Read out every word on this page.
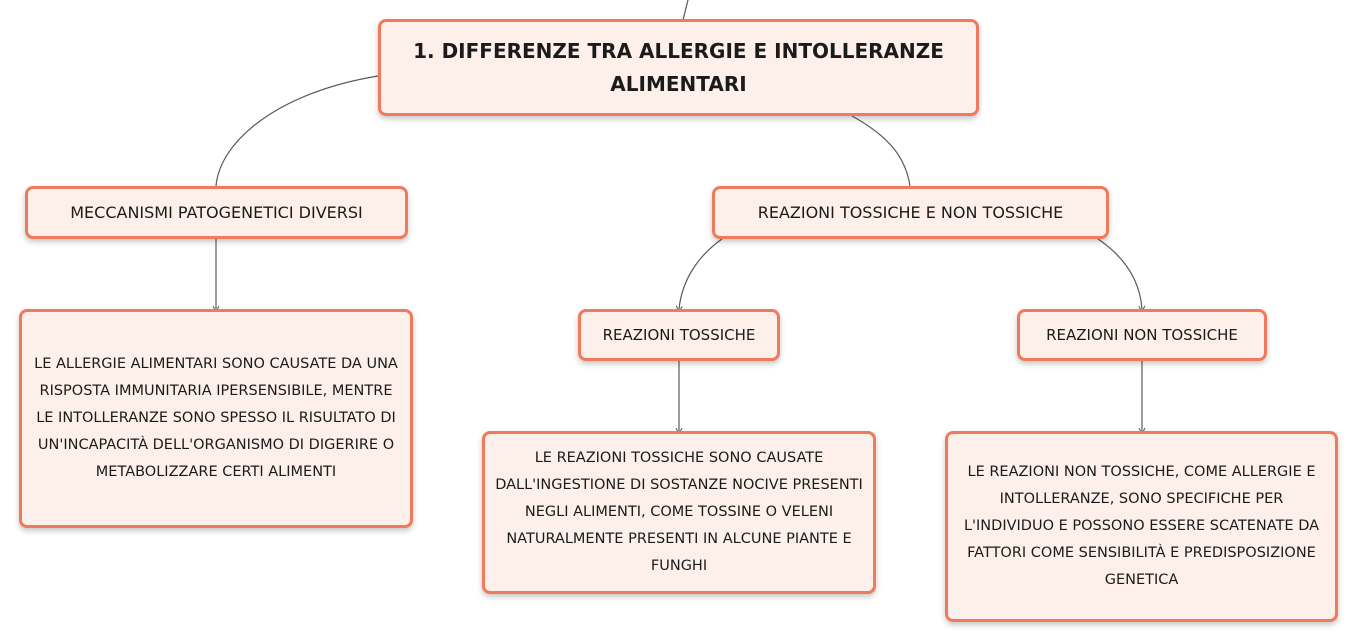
1. DIFFERENZE TRA ALLERGIE E INTOLLERANZE ALIMENTARI
MECCANISMI PATOGENETICI DIVERSI	REAZIONI TOSSICHE E NON TOSSICHE
REAZIONI TOSSICHE	REAZIONI NON TOSSICHE
LE ALLERGIE ALIMENTARI SONO CAUSATE DA UNA RISPOSTA IMMUNITARIA IPERSENSIBILE, MENTRE LE INTOLLERANZE SONO SPESSO IL RISULTATO DI UN'INCAPACITÀ DELL'ORGANISMO DI DIGERIRE O METABOLIZZARE CERTI ALIMENTI
LE REAZIONI TOSSICHE SONO CAUSATE DALL'INGESTIONE DI SOSTANZE NOCIVE PRESENTI NEGLI ALIMENTI, COME TOSSINE O VELENI NATURALMENTE PRESENTI IN ALCUNE PIANTE E FUNGHI
LE REAZIONI NON TOSSICHE, COME ALLERGIE E INTOLLERANZE, SONO SPECIFICHE PER L'INDIVIDUO E POSSONO ESSERE SCATENATE DA FATTORI COME SENSIBILITÀ E PREDISPOSIZIONE GENETICA
